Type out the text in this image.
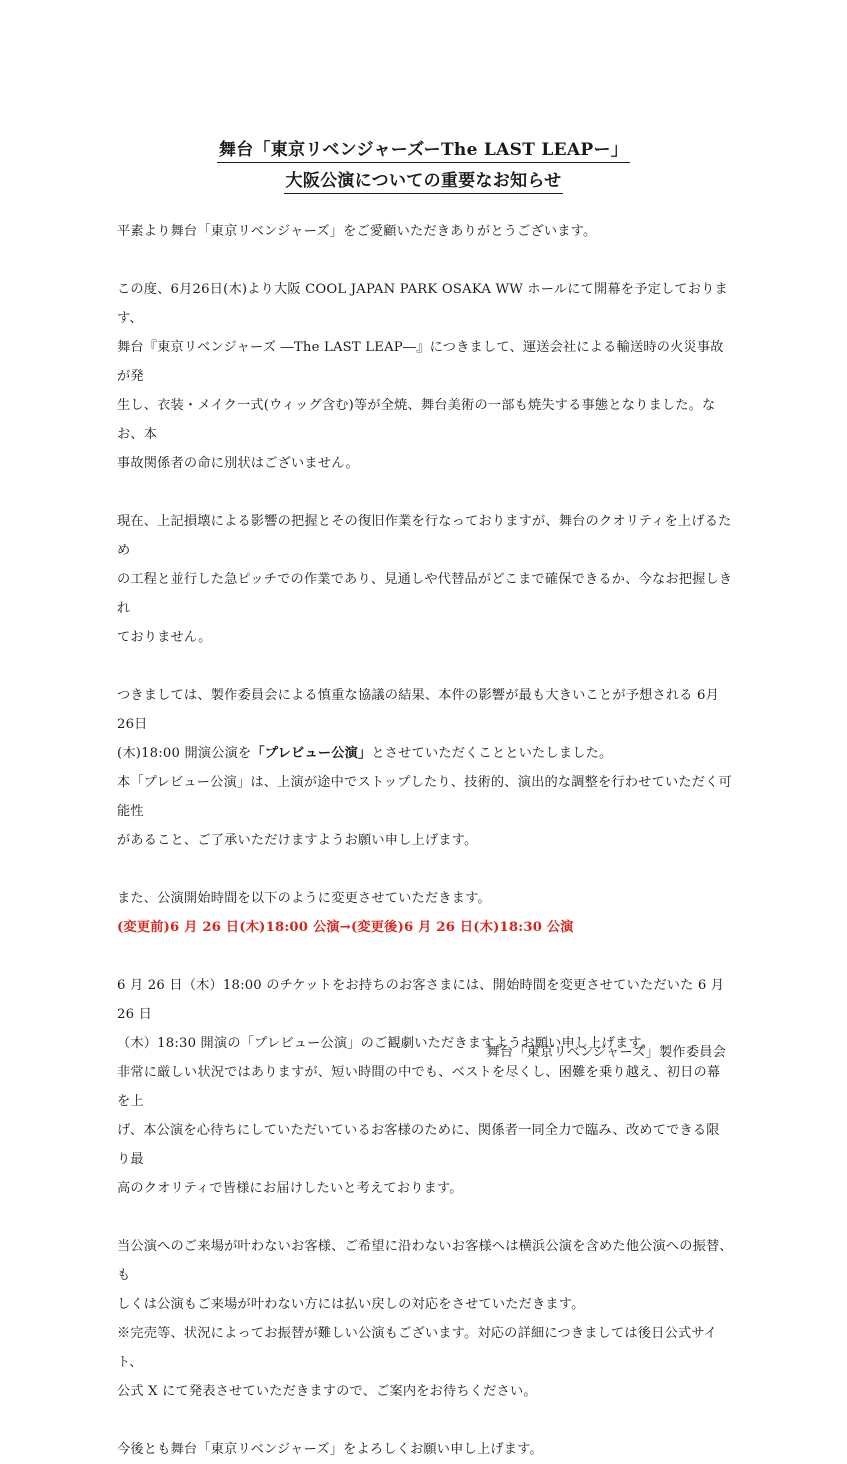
舞台「東京リベンジャーズーThe LAST LEAPー」
大阪公演についての重要なお知らせ

平素より舞台「東京リベンジャーズ」をご愛顧いただきありがとうございます。

この度、6月26日(木)より大阪 COOL JAPAN PARK OSAKA WW ホールにて開幕を予定しております、

舞台『東京リベンジャーズ ―The LAST LEAP―』につきまして、運送会社による輸送時の火災事故が発

生し、衣装・メイク一式(ウィッグ含む)等が全焼、舞台美術の一部も焼失する事態となりました。なお、本

事故関係者の命に別状はございません。

現在、上記損壊による影響の把握とその復旧作業を行なっておりますが、舞台のクオリティを上げるため

の工程と並行した急ピッチでの作業であり、見通しや代替品がどこまで確保できるか、今なお把握しきれ

ておりません。

つきましては、製作委員会による慎重な協議の結果、本件の影響が最も大きいことが予想される 6月26日

(木)18:00 開演公演を「プレビュー公演」とさせていただくことといたしました。

本「プレビュー公演」は、上演が途中でストップしたり、技術的、演出的な調整を行わせていただく可能性

があること、ご了承いただけますようお願い申し上げます。

また、公演開始時間を以下のように変更させていただきます。

(変更前)6 月 26 日(木)18:00 公演→(変更後)6 月 26 日(木)18:30 公演

6 月 26 日（木）18:00 のチケットをお持ちのお客さまには、開始時間を変更させていただいた 6 月 26 日

（木）18:30 開演の「プレビュー公演」のご観劇いただきますようお願い申し上げます。

非常に厳しい状況ではありますが、短い時間の中でも、ベストを尽くし、困難を乗り越え、初日の幕を上

げ、本公演を心待ちにしていただいているお客様のために、関係者一同全力で臨み、改めてできる限り最

高のクオリティで皆様にお届けしたいと考えております。

当公演へのご来場が叶わないお客様、ご希望に沿わないお客様へは横浜公演を含めた他公演への振替、も

しくは公演もご来場が叶わない方には払い戻しの対応をさせていただきます。

※完売等、状況によってお振替が難しい公演もございます。対応の詳細につきましては後日公式サイト、

公式 X にて発表させていただきますので、ご案内をお待ちください。

今後とも舞台「東京リベンジャーズ」をよろしくお願い申し上げます。

舞台「東京リベンジャーズ」製作委員会
